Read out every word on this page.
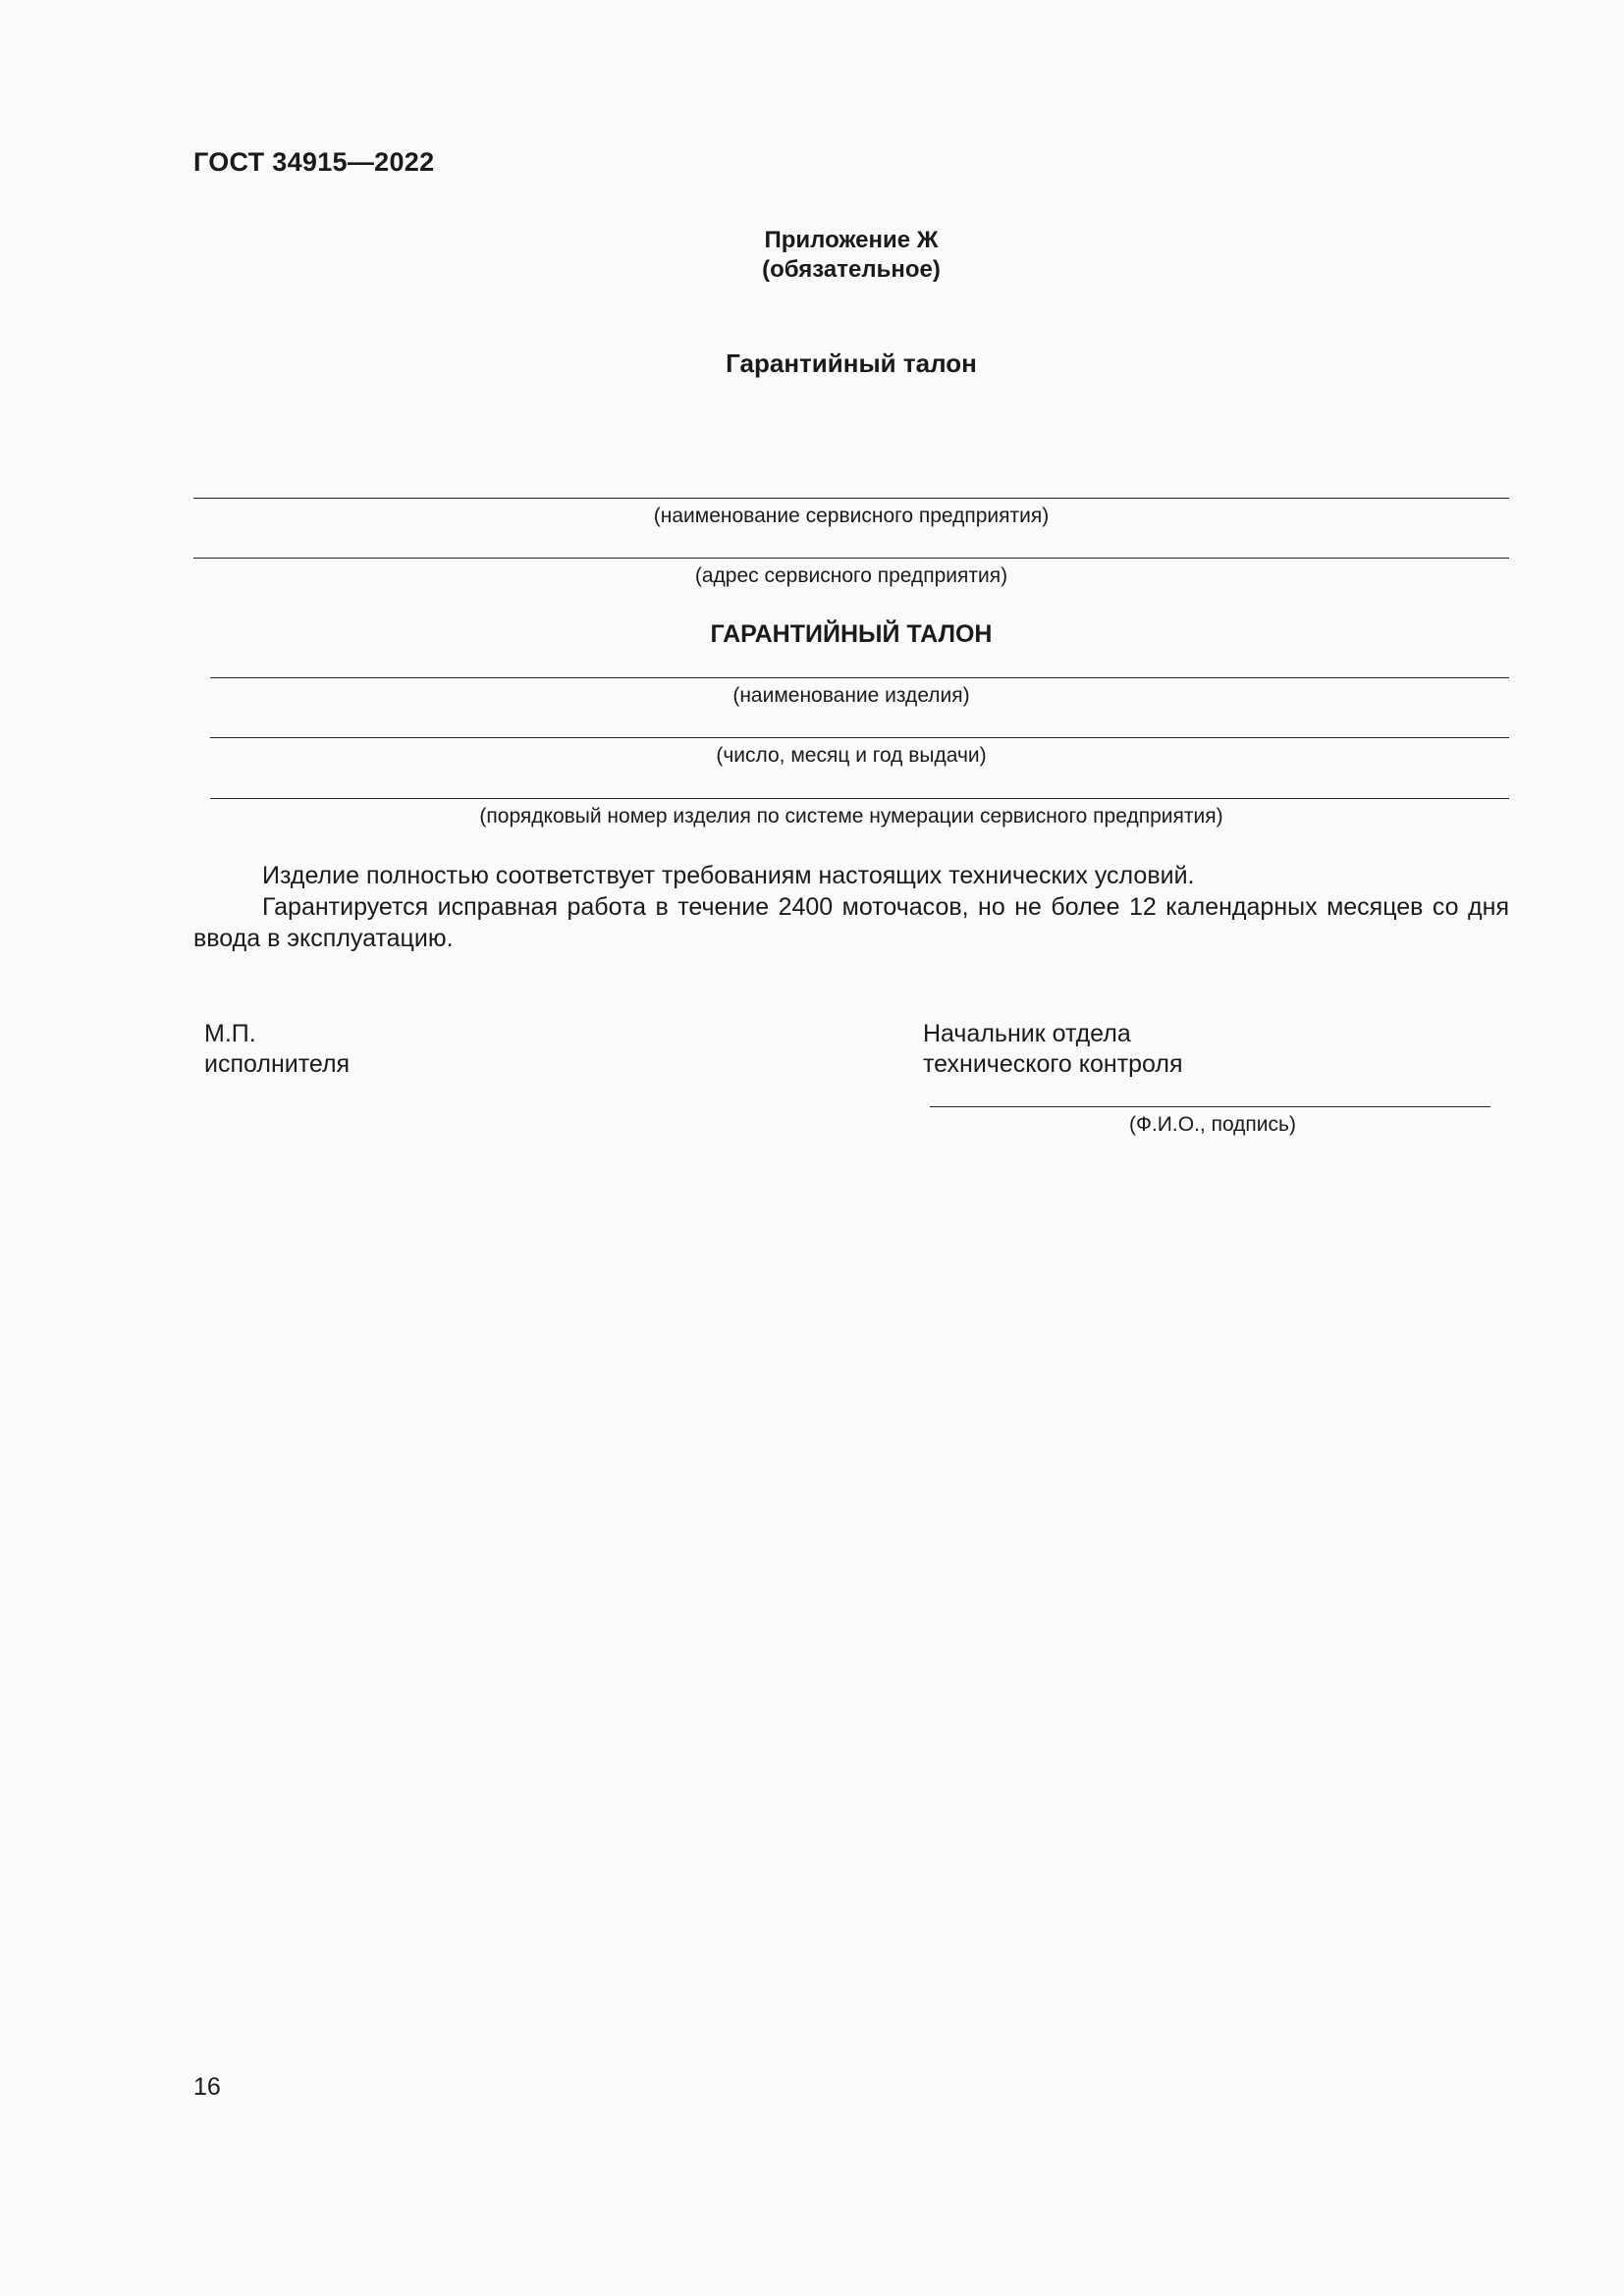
ГОСТ 34915—2022
Приложение Ж
(обязательное)
Гарантийный талон
(наименование сервисного предприятия)
(адрес сервисного предприятия)
ГАРАНТИЙНЫЙ ТАЛОН
(наименование изделия)
(число, месяц и год выдачи)
(порядковый номер изделия по системе нумерации сервисного предприятия)

Изделие полностью соответствует требованиям настоящих технических условий.

Гарантируется исправная работа в течение 2400 моточасов, но не более 12 календарных месяцев со дня ввода в эксплуатацию.

М.П.
исполнителя
Начальник отдела
технического контроля
(Ф.И.О., подпись)
16
